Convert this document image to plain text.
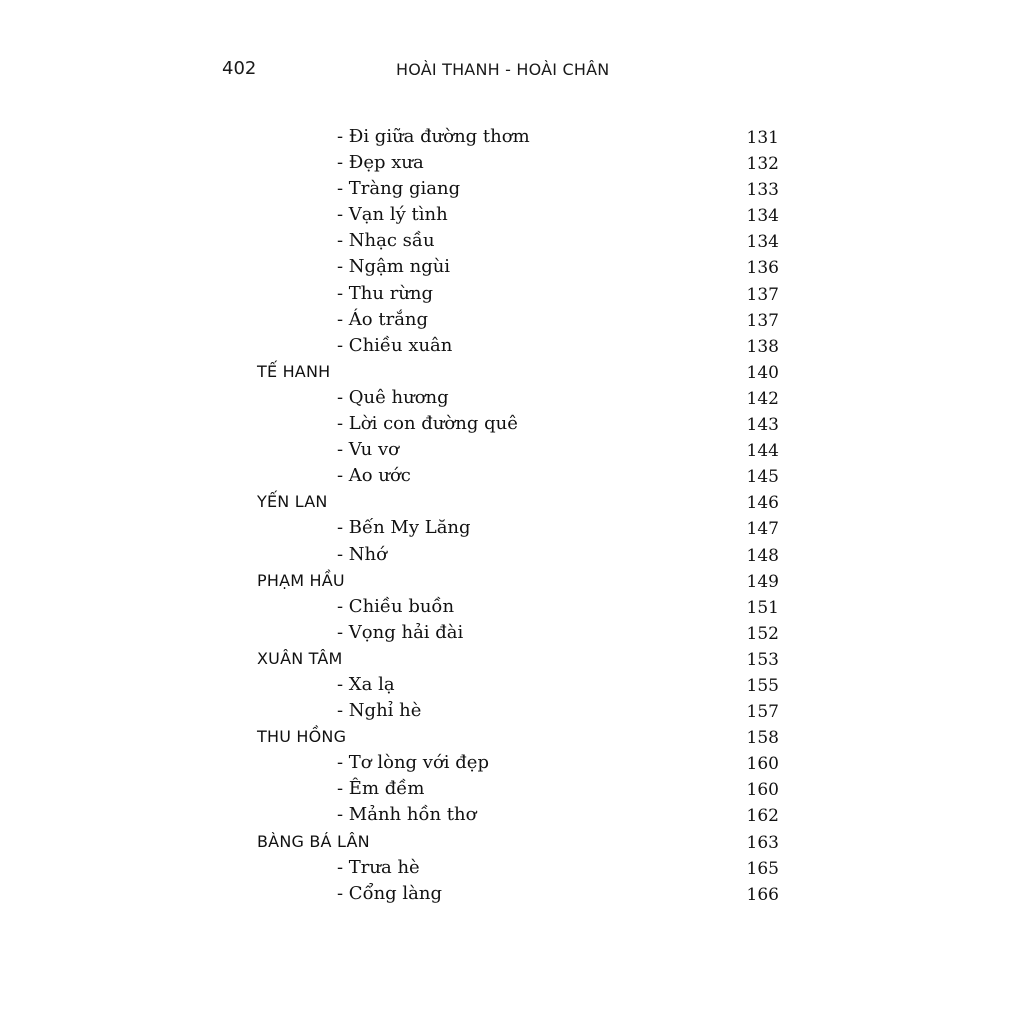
402	HOÀI THANH - HOÀI CHÂN
- Đi giữa đường thơm	131
- Đẹp xưa	132
- Tràng giang	133
- Vạn lý tình	134
- Nhạc sầu	134
- Ngậm ngùi	136
- Thu rừng	137
- Áo trắng	137
- Chiều xuân	138
TẾ HANH	140
- Quê hương	142
- Lời con đường quê	143
- Vu vơ	144
- Ao ước	145
YẾN LAN	146
- Bến My Lăng	147
- Nhớ	148
PHẠM HẦU	149
- Chiều buồn	151
- Vọng hải đài	152
XUÂN TÂM	153
- Xa lạ	155
- Nghỉ hè	157
THU HỒNG	158
- Tơ lòng với đẹp	160
- Êm đềm	160
- Mảnh hồn thơ	162
BÀNG BÁ LÂN	163
- Trưa hè	165
- Cổng làng	166
